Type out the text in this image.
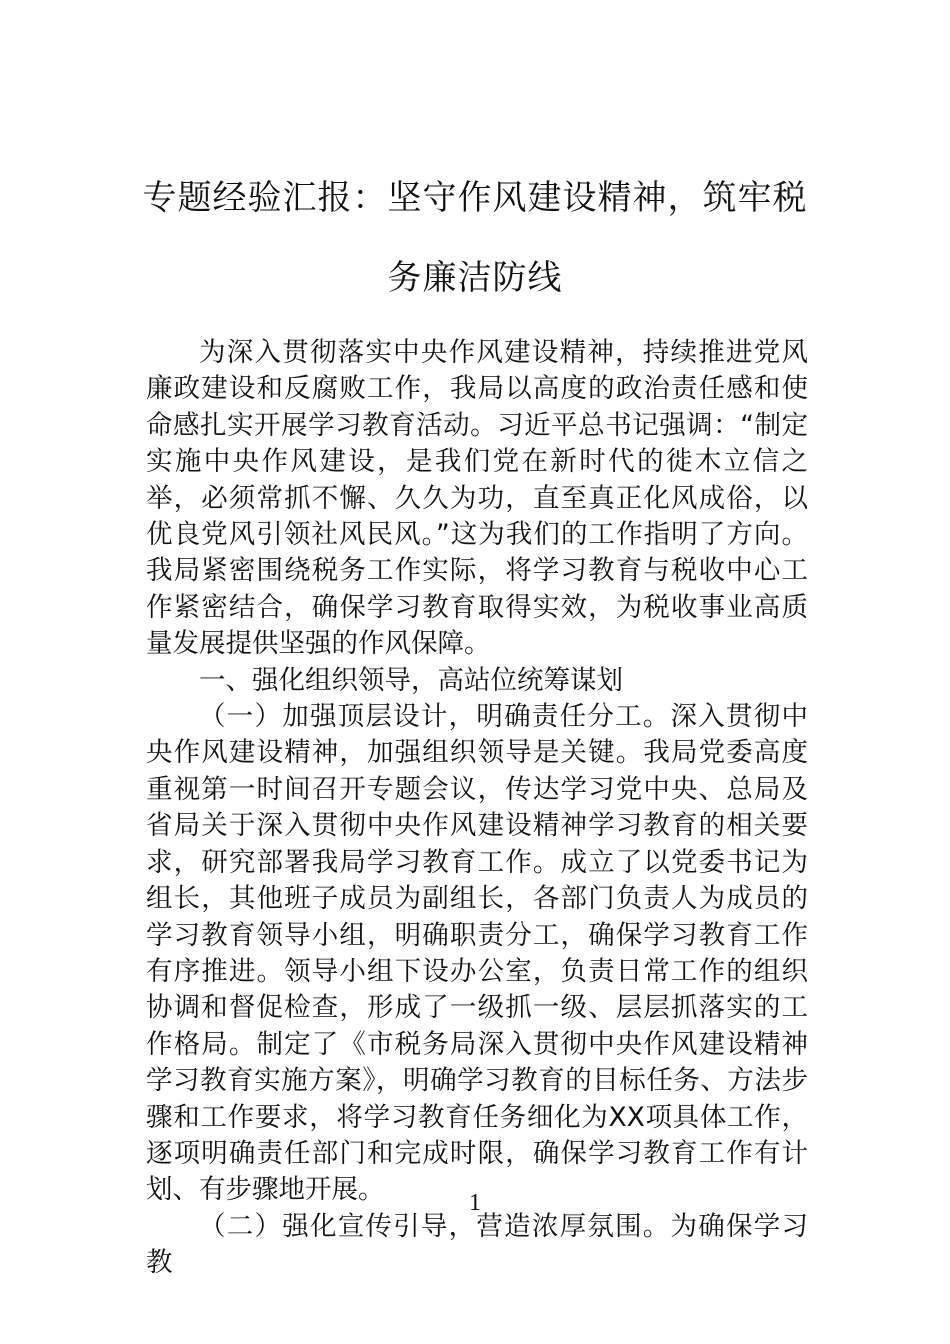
专题经验汇报：坚守作风建设精神，筑牢税务廉洁防线

为深入贯彻落实中央作风建设精神，持续推进党风廉政建设和反腐败工作，我局以高度的政治责任感和使命感扎实开展学习教育活动。习近平总书记强调：“制定实施中央作风建设，是我们党在新时代的徙木立信之举，必须常抓不懈、久久为功，直至真正化风成俗，以优良党风引领社风民风。”这为我们的工作指明了方向。我局紧密围绕税务工作实际，将学习教育与税收中心工作紧密结合，确保学习教育取得实效，为税收事业高质量发展提供坚强的作风保障。

一、强化组织领导，高站位统筹谋划

（一）加强顶层设计，明确责任分工。深入贯彻中央作风建设精神，加强组织领导是关键。我局党委高度重视第一时间召开专题会议，传达学习党中央、总局及省局关于深入贯彻中央作风建设精神学习教育的相关要求，研究部署我局学习教育工作。成立了以党委书记为组长，其他班子成员为副组长，各部门负责人为成员的学习教育领导小组，明确职责分工，确保学习教育工作有序推进。领导小组下设办公室，负责日常工作的组织协调和督促检查，形成了一级抓一级、层层抓落实的工作格局。制定了《市税务局深入贯彻中央作风建设精神学习教育实施方案》，明确学习教育的目标任务、方法步骤和工作要求，将学习教育任务细化为XX项具体工作，逐项明确责任部门和完成时限，确保学习教育工作有计划、有步骤地开展。

（二）强化宣传引导，营造浓厚氛围。为确保学习教

1
